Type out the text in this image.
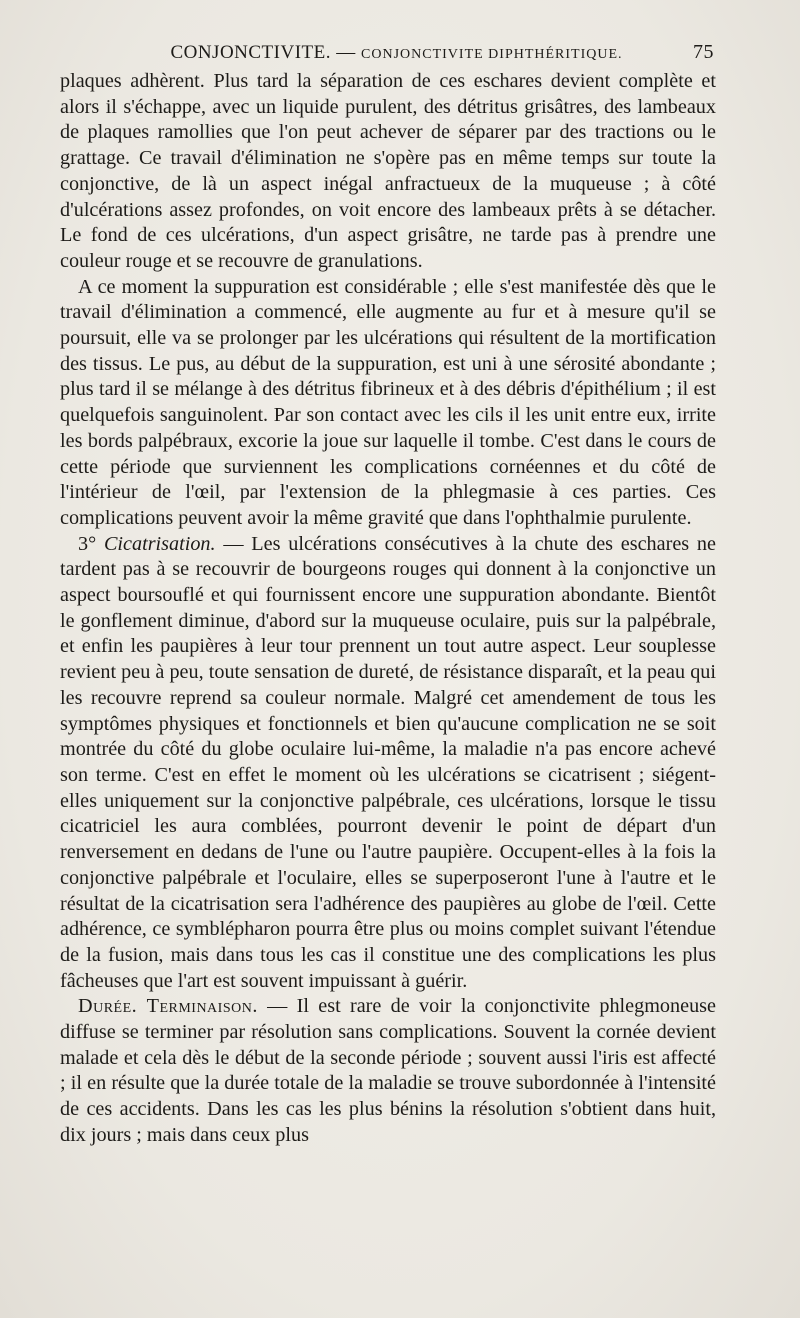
CONJONCTIVITE. — CONJONCTIVITE DIPHTHÉRITIQUE.	75

plaques adhèrent. Plus tard la séparation de ces eschares devient complète et alors il s'échappe, avec un liquide purulent, des détritus grisâtres, des lambeaux de plaques ramollies que l'on peut achever de séparer par des tractions ou le grattage. Ce travail d'élimination ne s'opère pas en même temps sur toute la conjonctive, de là un aspect inégal anfractueux de la muqueuse ; à côté d'ulcérations assez profondes, on voit encore des lambeaux prêts à se détacher. Le fond de ces ulcérations, d'un aspect grisâtre, ne tarde pas à prendre une couleur rouge et se recouvre de granulations.

A ce moment la suppuration est considérable ; elle s'est manifestée dès que le travail d'élimination a commencé, elle augmente au fur et à mesure qu'il se poursuit, elle va se prolonger par les ulcérations qui résultent de la mortification des tissus. Le pus, au début de la suppuration, est uni à une sérosité abondante ; plus tard il se mélange à des détritus fibrineux et à des débris d'épithélium ; il est quelquefois sanguinolent. Par son contact avec les cils il les unit entre eux, irrite les bords palpébraux, excorie la joue sur laquelle il tombe. C'est dans le cours de cette période que surviennent les complications cornéennes et du côté de l'intérieur de l'œil, par l'extension de la phlegmasie à ces parties. Ces complications peuvent avoir la même gravité que dans l'ophthalmie purulente.

3° Cicatrisation. — Les ulcérations consécutives à la chute des eschares ne tardent pas à se recouvrir de bourgeons rouges qui donnent à la conjonctive un aspect boursouflé et qui fournissent encore une suppuration abondante. Bientôt le gonflement diminue, d'abord sur la muqueuse oculaire, puis sur la palpébrale, et enfin les paupières à leur tour prennent un tout autre aspect. Leur souplesse revient peu à peu, toute sensation de dureté, de résistance disparaît, et la peau qui les recouvre reprend sa couleur normale. Malgré cet amendement de tous les symptômes physiques et fonctionnels et bien qu'aucune complication ne se soit montrée du côté du globe oculaire lui-même, la maladie n'a pas encore achevé son terme. C'est en effet le moment où les ulcérations se cicatrisent ; siégent-elles uniquement sur la conjonctive palpébrale, ces ulcérations, lorsque le tissu cicatriciel les aura comblées, pourront devenir le point de départ d'un renversement en dedans de l'une ou l'autre paupière. Occupent-elles à la fois la conjonctive palpébrale et l'oculaire, elles se superposeront l'une à l'autre et le résultat de la cicatrisation sera l'adhérence des paupières au globe de l'œil. Cette adhérence, ce symblépharon pourra être plus ou moins complet suivant l'étendue de la fusion, mais dans tous les cas il constitue une des complications les plus fâcheuses que l'art est souvent impuissant à guérir.

Durée. Terminaison. — Il est rare de voir la conjonctivite phlegmoneuse diffuse se terminer par résolution sans complications. Souvent la cornée devient malade et cela dès le début de la seconde période ; souvent aussi l'iris est affecté ; il en résulte que la durée totale de la maladie se trouve subordonnée à l'intensité de ces accidents. Dans les cas les plus bénins la résolution s'obtient dans huit, dix jours ; mais dans ceux plus
